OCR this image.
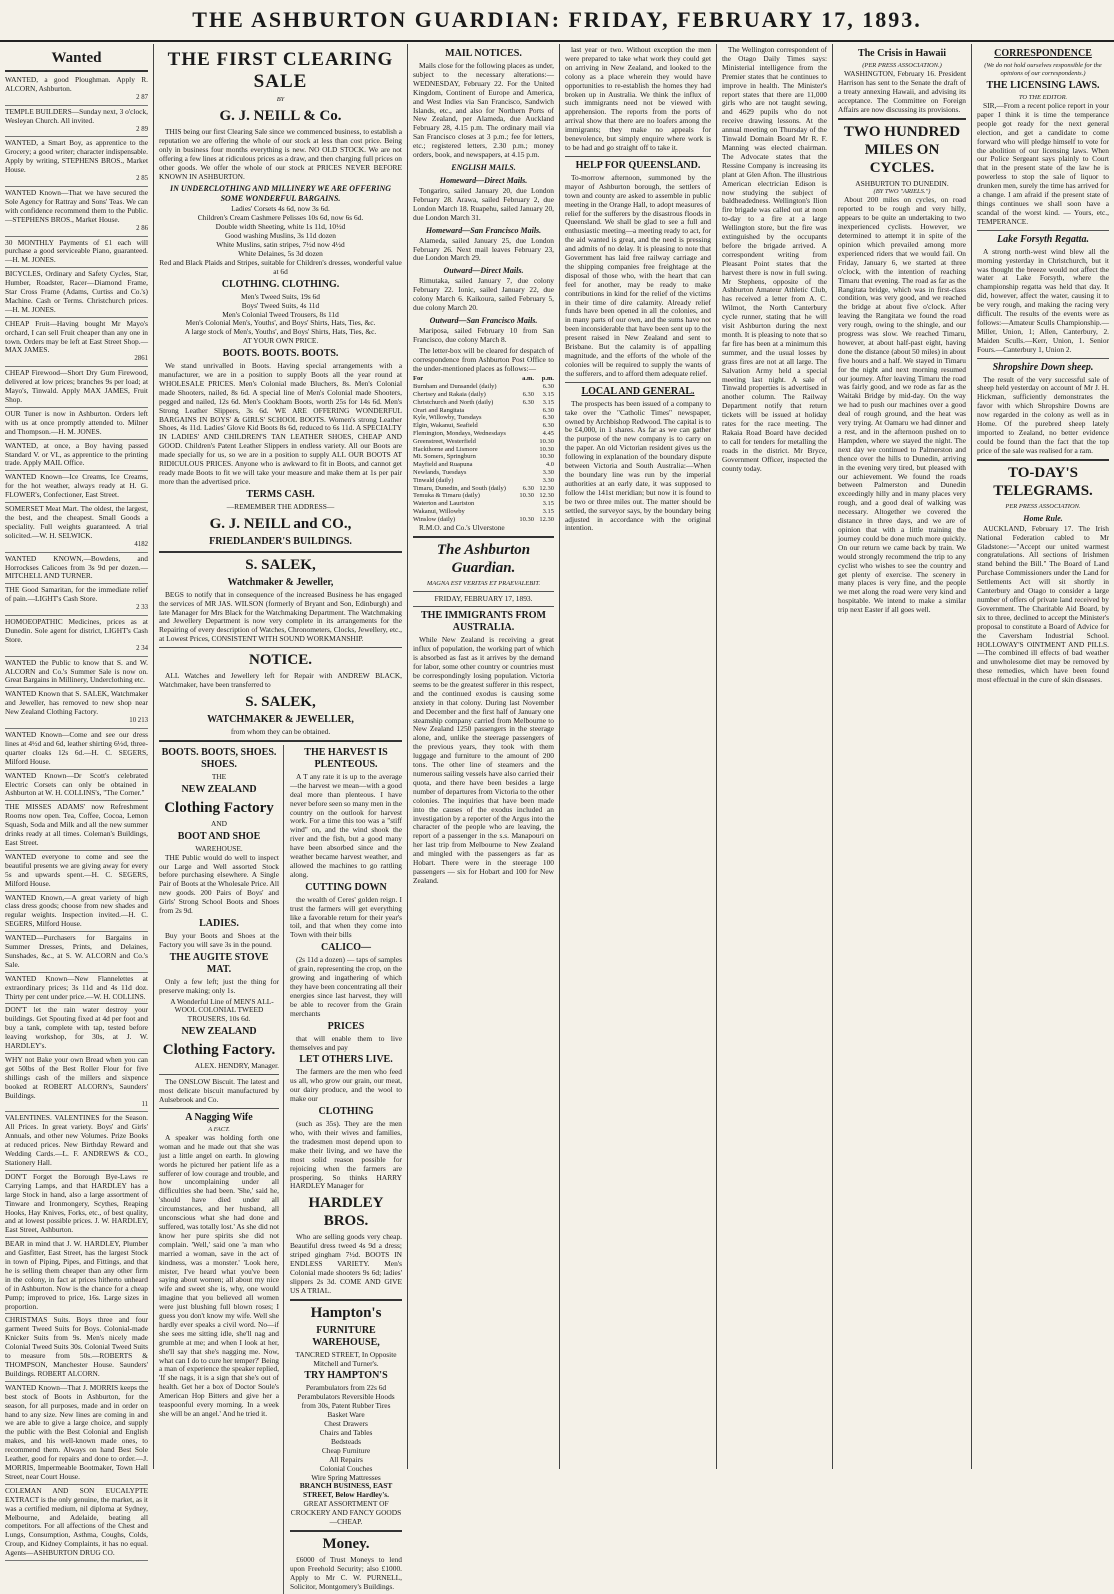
THE ASHBURTON GUARDIAN: FRIDAY, FEBRUARY 17, 1893.
Wanted

WANTED, a good Ploughman. Apply R. ALCORN, Ashburton.

2 87

TEMPLE BUILDERS—Sunday next, 3 o'clock, Wesleyan Church. All invited.

2 89

WANTED, a Smart Boy, as apprentice to the Grocery; a good writer; character indispensable. Apply by writing, STEPHENS BROS., Market House.

2 85

WANTED Known—That we have secured the Sole Agency for Rattray and Sons' Teas. We can with confidence recommend them to the Public.—STEPHENS BROS., Market House.

2 86

30 MONTHLY Payments of £1 each will purchase a good serviceable Piano, guaranteed.—H. M. JONES.

BICYCLES, Ordinary and Safety Cycles, Star, Humber, Roadster, Racer—Diamond Frame, Star Cross Frame (Adams, Curtiss and Co.'s) Machine. Cash or Terms. Christchurch prices.—H. M. JONES.

CHEAP Fruit—Having bought Mr Mayo's orchard, I can sell Fruit cheaper than any one in town. Orders may be left at East Street Shop.—MAX JAMES.

2861

CHEAP Firewood—Short Dry Gum Firewood, delivered at low prices; branches 9s per load; at Mayo's, Tinwald. Apply MAX JAMES, Fruit Shop.

OUR Tuner is now in Ashburton. Orders left with us at once promptly attended to. Milner and Thompson.—H. M. JONES.

WANTED, at once, a Boy having passed Standard V. or VI., as apprentice to the printing trade. Apply MAIL Office.

WANTED Known—Ice Creams, Ice Creams, for the hot weather, always ready at H. G. FLOWER's, Confectioner, East Street.

SOMERSET Meat Mart. The oldest, the largest, the best, and the cheapest. Small Goods a speciality. Full weights guaranteed. A trial solicited.—W. H. SELWICK.

4182

WANTED KNOWN,—Bowdens, and Horrockses Calicoes from 3s 9d per dozen.—MITCHELL AND TURNER.

THE Good Samaritan, for the immediate relief of pain.—LIGHT's Cash Store.

2 33

HOMOEOPATHIC Medicines, prices as at Dunedin. Sole agent for district, LIGHT's Cash Store.

2 34

WANTED the Public to know that S. and W. ALCORN and Co.'s Summer Sale is now on. Great Bargains in Millinery, Underclothing etc.

WANTED Known that S. SALEK, Watchmaker and Jeweller, has removed to new shop near New Zealand Clothing Factory.

10 213

WANTED Known—Come and see our dress lines at 4½d and 6d, leather shirting 6½d, three-quarter cloaks 12s 6d.—H. C. SEGERS, Milford House.

WANTED Known—Dr Scott's celebrated Electric Corsets can only be obtained in Ashburton at W. H. COLLINS's, "The Corner."

THE MISSES ADAMS' now Refreshment Rooms now open. Tea, Coffee, Cocoa, Lemon Squash, Soda and Milk and all the new summer drinks ready at all times. Coleman's Buildings, East Street.

WANTED everyone to come and see the beautiful presents we are giving away for every 5s and upwards spent.—H. C. SEGERS, Milford House.

WANTED Known,—A great variety of high class dress goods; choose from new shades and regular weights. Inspection invited.—H. C. SEGERS, Milford House.

WANTED—Purchasers for Bargains in Summer Dresses, Prints, and Delaines, Sunshades, &c., at S. W. ALCORN and Co.'s Sale.

WANTED Known—New Flannelettes at extraordinary prices; 3s 11d and 4s 11d doz. Thirty per cent under price.—W. H. COLLINS.

DON'T let the rain water destroy your buildings. Get Spouting fixed at 4d per foot and buy a tank, complete with tap, tested before leaving workshop, for 30s, at J. W. HARDLEY's.

WHY not Bake your own Bread when you can get 50lbs of the Best Roller Flour for five shillings cash of the millers and sixpence booked at ROBERT ALCORN's, Saunders' Buildings.

11

VALENTINES. VALENTINES for the Season. All Prices. In great variety. Boys' and Girls' Annuals, and other new Volumes. Prize Books at reduced prices. New Birthday Reward and Wedding Cards.—L. F. ANDREWS & CO., Stationery Hall.

DON'T Forget the Borough Bye-Laws re Carrying Lamps, and that HARDLEY has a large Stock in hand, also a large assortment of Tinware and Ironmongery, Scythes, Reaping Hooks, Hay Knives, Forks, etc., of best quality, and at lowest possible prices. J. W. HARDLEY, East Street, Ashburton.

BEAR in mind that J. W. HARDLEY, Plumber and Gasfitter, East Street, has the largest Stock in town of Piping, Pipes, and Fittings, and that he is selling them cheaper than any other firm in the colony, in fact at prices hitherto unheard of in Ashburton. Now is the chance for a cheap Pump; improved to price, 16s. Large sizes in proportion.

CHRISTMAS Suits. Boys three and four garment Tweed Suits for Boys. Colonial-made Knicker Suits from 9s. Men's nicely made Colonial Tweed Suits 30s. Colonial Tweed Suits to measure from 50s.—ROBERTS & THOMPSON, Manchester House. Saunders' Buildings. ROBERT ALCORN.

WANTED Known—That J. MORRIS keeps the best stock of Boots in Ashburton, for the season, for all purposes, made and in order on hand to any size. New lines are coming in and we are able to give a large choice, and supply the public with the Best Colonial and English makes, and his well-known made ones, to recommend them. Always on hand Best Sole Leather, good for repairs and done to order.—J. MORRIS, Impermeable Bootmaker, Town Hall Street, near Court House.

COLEMAN AND SON EUCALYPTE EXTRACT is the only genuine, the market, as it was a certified medium, nil diploma at Sydney, Melbourne, and Adelaide, beating all competitors. For all affections of the Chest and Lungs, Consumption, Asthma, Coughs, Colds, Croup, and Kidney Complaints, it has no equal. Agents—ASHBURTON DRUG CO.

THE FIRST CLEARING SALE
BY
G. J. NEILL & Co.

THIS being our first Clearing Sale since we commenced business, to establish a reputation we are offering the whole of our stock at less than cost price. Being only in business four months everything is new. NO OLD STOCK. We are not offering a few lines at ridiculous prices as a draw, and then charging full prices on other goods. We offer the whole of our stock at PRICES NEVER BEFORE KNOWN IN ASHBURTON.

IN UNDERCLOTHING AND MILLINERY WE ARE OFFERING SOME WONDERFUL BARGAINS.
Ladies' Corsets 4s 6d, now 3s 6d.
Children's Cream Cashmere Pelisses 10s 6d, now 6s 6d.
Double width Sheeting, white 1s 11d, 10½d
Good washing Muslins, 3s 11d dozen
White Muslins, satin stripes, 7½d now 4½d
White Delaines, 5s 3d dozen
Red and Black Plaids and Stripes, suitable for Children's dresses, wonderful value at 6d
CLOTHING. CLOTHING.
Men's Tweed Suits, 19s 6d
Boys' Tweed Suits, 4s 11d
Men's Colonial Tweed Trousers, 8s 11d
Men's Colonial Men's, Youths', and Boys' Shirts, Hats, Ties, &c.
A large stock of Men's, Youths', and Boys' Shirts, Hats, Ties, &c.
AT YOUR OWN PRICE.
BOOTS. BOOTS. BOOTS.

We stand unrivalled in Boots. Having special arrangements with a manufacturer, we are in a position to supply Boots all the year round at WHOLESALE PRICES. Men's Colonial made Bluchers, 8s. Men's Colonial made Shooters, nailed, 8s 6d. A special line of Men's Colonial made Shooters, pegged and nailed, 12s 6d. Men's Cookham Boots, worth 25s for 14s 6d. Men's Strong Leather Slippers, 3s 6d. WE ARE OFFERING WONDERFUL BARGAINS IN BOYS' & GIRLS' SCHOOL BOOTS. Women's strong Leather Shoes, 4s 11d. Ladies' Glove Kid Boots 8s 6d, reduced to 6s 11d. A SPECIALTY IN LADIES' AND CHILDREN'S TAN LEATHER SHOES, CHEAP AND GOOD. Children's Patent Leather Slippers in endless variety. All our Boots are made specially for us, so we are in a position to supply ALL OUR BOOTS AT RIDICULOUS PRICES. Anyone who is awkward to fit in Boots, and cannot get ready made Boots to fit we will take your measure and make them at 1s per pair more than the advertised price.

TERMS CASH.
—REMEMBER THE ADDRESS—
G. J. NEILL and CO.,
FRIEDLANDER'S BUILDINGS.
S. SALEK,
Watchmaker & Jeweller,

BEGS to notify that in consequence of the increased Business he has engaged the services of MR JAS. WILSON (formerly of Bryant and Son, Edinburgh) and late Manager for Mrs Black for the Watchmaking Department. The Watchmaking and Jewellery Department is now very complete in its arrangements for the Repairing of every description of Watches, Chronometers, Clocks, Jewellery, etc., at Lowest Prices, CONSISTENT WITH SOUND WORKMANSHIP.

NOTICE.

ALL Watches and Jewellery left for Repair with ANDREW BLACK, Watchmaker, have been transferred to

S. SALEK,
WATCHMAKER & JEWELLER,
from whom they can be obtained.
BOOTS. BOOTS, SHOES. SHOES.
THE
NEW ZEALAND
Clothing Factory
AND
BOOT AND SHOE
WAREHOUSE.

THE Public would do well to inspect our Large and Well assorted Stock before purchasing elsewhere. A Single Pair of Boots at the Wholesale Price. All new goods. 200 Pairs of Boys' and Girls' Strong School Boots and Shoes from 2s 9d.

LADIES.

Buy your Boots and Shoes at the Factory you will save 3s in the pound.

THE AUGITE STOVE MAT.

Only a few left; just the thing for preserve making; only 1s.

A Wonderful Line of MEN'S ALL-WOOL COLONIAL TWEED TROUSERS, 10s 6d.

NEW ZEALAND
Clothing Factory.
ALEX. HENDRY, Manager.

The ONSLOW Biscuit. The latest and most delicate biscuit manufactured by Aulsebrook and Co.

A Nagging Wife
A FACT.

A speaker was holding forth one woman and he made out that she was just a little angel on earth. In glowing words he pictured her patient life as a sufferer of low courage and trouble, and how uncomplaining under all difficulties she had been. 'She,' said he, 'should have died under all circumstances, and her husband, all unconscious what she had done and suffered, was totally lost.' As she did not know her pure spirits she did not complain. 'Well,' said one 'a man who married a woman, save in the act of kindness, was a monster.' 'Look here, mister, I've heard what you've been saying about women; all about my nice wife and sweet she is, why, one would imagine that you believed all women were just blushing full blown roses; I guess you don't know my wife. Well she hardly ever speaks a civil word. No—if she sees me sitting idle, she'll nag and grumble at me; and when I look at her, she'll say that she's nagging me. Now, what can I do to cure her temper?' Being a man of experience the speaker replied, 'If she nags, it is a sign that she's out of health. Get her a box of Doctor Soule's American Hop Bitters and give her a teaspoonful every morning. In a week she will be an angel.' And he tried it.

THE HARVEST IS PLENTEOUS.

A T any rate it is up to the average—the harvest we mean—with a good deal more than plenteous. I have never before seen so many men in the country on the outlook for harvest work. For a time this too was a "stiff wind" on, and the wind shook the river and the fish, but a good many have been absorbed since and the weather became harvest weather, and allowed the machines to go rattling along.

CUTTING DOWN

the wealth of Ceres' golden reign. I trust the farmers will get everything like a favorable return for their year's toil, and that when they come into Town with their bills

CALICO—

(2s 11d a dozen) — taps of samples of grain, representing the crop, on the growing and ingathering of which they have been concentrating all their energies since last harvest, they will be able to recover from the Grain merchants

PRICES

that will enable them to live themselves and pay

LET OTHERS LIVE.

The farmers are the men who feed us all, who grow our grain, our meat, our dairy produce, and the wool to make our

CLOTHING

(such as 35s). They are the men who, with their wives and families, the tradesmen most depend upon to make their living, and we have the most solid reason possible for rejoicing when the farmers are prospering. So thinks HARRY HARDLEY Manager for

HARDLEY BROS.

Who are selling goods very cheap. Beautiful dress tweed 4s 9d a dress; striped gingham 7½d. BOOTS IN ENDLESS VARIETY. Men's Colonial made shooters 9s 6d; ladies' slippers 2s 3d. COME AND GIVE US A TRIAL.

Hampton's
FURNITURE WAREHOUSE,
TANCRED STREET, In Opposite Mitchell and Turner's.
TRY HAMPTON'S
Perambulators from 22s 6d
Perambulators Reversible Hoods from 30s, Patent Rubber Tires
Basket Ware
Chest Drawers
Chairs and Tables
Bedsteads
Cheap Furniture
All Repairs
Colonial Couches
Wire Spring Mattresses
BRANCH BUSINESS, EAST STREET, Below Hardley's.
GREAT ASSORTMENT OF CROCKERY AND FANCY GOODS—CHEAP.
Money.

£6000 of Trust Moneys to lend upon Freehold Security; also £1000. Apply to Mr C. W. PURNELL, Solicitor, Montgomery's Buildings.

MAIL NOTICES.

Mails close for the following places as under, subject to the necessary alterations:—WEDNESDAY, February 22. For the United Kingdom, Continent of Europe and America, and West Indies via San Francisco, Sandwich Islands, etc., and also for Northern Ports of New Zealand, per Alameda, due Auckland February 28, 4.15 p.m. The ordinary mail via San Francisco closes at 3 p.m.; fee for letters, etc.; registered letters, 2.30 p.m.; money orders, book, and newspapers, at 4.15 p.m.

ENGLISH MAILS.
Homeward—Direct Mails.

Tongariro, sailed January 20, due London February 28. Arawa, sailed February 2, due London March 18. Ruapehu, sailed January 20, due London March 31.

Homeward—San Francisco Mails.

Alameda, sailed January 25, due London February 26. Next mail leaves February 23, due London March 29.

Outward—Direct Mails.

Rimutaka, sailed January 7, due colony February 22. Ionic, sailed January 22, due colony March 6. Kaikoura, sailed February 5, due colony March 20.

Outward—San Francisco Mails.

Mariposa, sailed February 10 from San Francisco, due colony March 8.

The letter-box will be cleared for despatch of correspondence from Ashburton Post Office to the under-mentioned places as follows:—

For	a.m.	p.m.
Burnham and Dunsandel (daily)		6.30
Chertsey and Rakaia (daily)	6.30	3.15
Christchurch and North (daily)	6.30	3.15
Orari and Rangitata		6.30
Kyle, Willowby, Tuesdays		6.30
Elgin, Wakanui, Seafield		6.30
Flemington, Mondays, Wednesdays		4.45
Greenstreet, Westerfield		10.30
Hackthorne and Lismore		10.30
Mt. Somers, Springburn		10.30
Mayfield and Ruapuna		4.0
Newlands, Tuesdays		3.30
Tinwald (daily)		3.30
Timaru, Dunedin, and South (daily)	6.30	12.30
Temuka & Timaru (daily)	10.30	12.30
Waterton and Lauriston		3.15
Wakanui, Willowby		3.15
Winslow (daily)	10.30	12.30

R.M.O. and Co.'s Ulverstone

The Ashburton Guardian.
MAGNA EST VERITAS ET PRAEVALEBIT.
FRIDAY, FEBRUARY 17, 1893.
THE IMMIGRANTS FROM AUSTRALIA.

While New Zealand is receiving a great influx of population, the working part of which is absorbed as fast as it arrives by the demand for labor, some other country or countries must be correspondingly losing population. Victoria seems to be the greatest sufferer in this respect, and the continued exodus is causing some anxiety in that colony. During last November and December and the first half of January one steamship company carried from Melbourne to New Zealand 1250 passengers in the steerage alone, and, unlike the steerage passengers of the previous years, they took with them luggage and furniture to the amount of 200 tons. The other line of steamers and the numerous sailing vessels have also carried their quota, and there have been besides a large number of departures from Victoria to the other colonies. The inquiries that have been made into the causes of the exodus included an investigation by a reporter of the Argus into the character of the people who are leaving, the report of a passenger in the s.s. Manapouri on her last trip from Melbourne to New Zealand and mingled with the passengers as far as Hobart. There were in the steerage 100 passengers — six for Hobart and 100 for New Zealand.

last year or two. Without exception the men were prepared to take what work they could get on arriving in New Zealand, and looked to the colony as a place wherein they would have opportunities to re-establish the homes they had broken up in Australia. We think the influx of such immigrants need not be viewed with apprehension. The reports from the ports of arrival show that there are no loafers among the immigrants; they make no appeals for benevolence, but simply enquire where work is to be had and go straight off to take it.

HELP FOR QUEENSLAND.

To-morrow afternoon, summoned by the mayor of Ashburton borough, the settlers of town and county are asked to assemble in public meeting in the Orange Hall, to adopt measures of relief for the sufferers by the disastrous floods in Queensland. We shall be glad to see a full and enthusiastic meeting—a meeting ready to act, for the aid wanted is great, and the need is pressing and admits of no delay. It is pleasing to note that Government has laid free railway carriage and the shipping companies free freightage at the disposal of those who, with the heart that can feel for another, may be ready to make contributions in kind for the relief of the victims in their time of dire calamity. Already relief funds have been opened in all the colonies, and in many parts of our own, and the sums have not been inconsiderable that have been sent up to the present raised in New Zealand and sent to Brisbane. But the calamity is of appalling magnitude, and the efforts of the whole of the colonies will be required to supply the wants of the sufferers, and to afford them adequate relief.

LOCAL AND GENERAL.

The prospects has been issued of a company to take over the "Catholic Times" newspaper, owned by Archbishop Redwood. The capital is to be £4,000, in 1 shares. As far as we can gather the purpose of the new company is to carry on the paper. An old Victorian resident gives us the following in explanation of the boundary dispute between Victoria and South Australia:—When the boundary line was run by the imperial authorities at an early date, it was supposed to follow the 141st meridian; but now it is found to be two or three miles out. The matter should be settled, the surveyor says, by the boundary being adjusted in accordance with the original intention.

The Wellington correspondent of the Otago Daily Times says: Ministerial intelligence from the Premier states that he continues to improve in health. The Minister's report states that there are 11,000 girls who are not taught sewing, and 4629 pupils who do not receive drawing lessons. At the annual meeting on Thursday of the Tinwald Domain Board Mr R. F. Manning was elected chairman. The Advocate states that the Ressine Company is increasing its plant at Glen Afton. The illustrious American electrician Edison is now studying the subject of baldheadedness. Wellington's Ilion fire brigade was called out at noon to-day to a fire at a large Wellington store, but the fire was extinguished by the occupants before the brigade arrived. A correspondent writing from Pleasant Point states that the harvest there is now in full swing. Mr Stephens, opposite of the Ashburton Amateur Athletic Club, has received a letter from A. C. Wilmot, the North Canterbury cycle runner, stating that he will visit Ashburton during the next month. It is pleasing to note that so far fire has been at a minimum this summer, and the usual losses by grass fires are not at all large. The Salvation Army held a special meeting last night. A sale of Tinwald properties is advertised in another column. The Railway Department notify that return tickets will be issued at holiday rates for the race meeting. The Rakaia Road Board have decided to call for tenders for metalling the roads in the district. Mr Bryce, Government Officer, inspected the county today.

The Crisis in Hawaii
(PER PRESS ASSOCIATION.)

WASHINGTON, February 16. President Harrison has sent to the Senate the draft of a treaty annexing Hawaii, and advising its acceptance. The Committee on Foreign Affairs are now discussing its provisions.

TWO HUNDRED MILES ON CYCLES.
ASHBURTON TO DUNEDIN.
(BY TWO "ARIELS.")

About 200 miles on cycles, on road reported to be rough and very hilly, appears to be quite an undertaking to two inexperienced cyclists. However, we determined to attempt it in spite of the opinion which prevailed among more experienced riders that we would fail. On Friday, January 6, we started at three o'clock, with the intention of reaching Timaru that evening. The road as far as the Rangitata bridge, which was in first-class condition, was very good, and we reached the bridge at about five o'clock. After leaving the Rangitata we found the road very rough, owing to the shingle, and our progress was slow. We reached Timaru, however, at about half-past eight, having done the distance (about 50 miles) in about five hours and a half. We stayed in Timaru for the night and next morning resumed our journey. After leaving Timaru the road was fairly good, and we rode as far as the Waitaki Bridge by mid-day. On the way we had to push our machines over a good deal of rough ground, and the heat was very trying. At Oamaru we had dinner and a rest, and in the afternoon pushed on to Hampden, where we stayed the night. The next day we continued to Palmerston and thence over the hills to Dunedin, arriving in the evening very tired, but pleased with our achievement. We found the roads between Palmerston and Dunedin exceedingly hilly and in many places very rough, and a good deal of walking was necessary. Altogether we covered the distance in three days, and we are of opinion that with a little training the journey could be done much more quickly. On our return we came back by train. We would strongly recommend the trip to any cyclist who wishes to see the country and get plenty of exercise. The scenery in many places is very fine, and the people we met along the road were very kind and hospitable. We intend to make a similar trip next Easter if all goes well.

CORRESPONDENCE
(We do not hold ourselves responsible for the opinions of our correspondents.)
THE LICENSING LAWS.
TO THE EDITOR.

SIR,—From a recent police report in your paper I think it is time the temperance people got ready for the next general election, and get a candidate to come forward who will pledge himself to vote for the abolition of our licensing laws. When our Police Sergeant says plainly to Court that in the present state of the law he is powerless to stop the sale of liquor to drunken men, surely the time has arrived for a change. I am afraid if the present state of things continues we shall soon have a scandal of the worst kind. — Yours, etc., TEMPERANCE.

Lake Forsyth Regatta.

A strong north-west wind blew all the morning yesterday in Christchurch, but it was thought the breeze would not affect the water at Lake Forsyth, where the championship regatta was held that day. It did, however, affect the water, causing it to be very rough, and making the racing very difficult. The results of the events were as follows:—Amateur Sculls Championship.—Miller, Union, 1; Allen, Canterbury, 2. Maiden Sculls.—Kerr, Union, 1. Senior Fours.—Canterbury 1, Union 2.

Shropshire Down sheep.

The result of the very successful sale of sheep held yesterday on account of Mr J. H. Hickman, sufficiently demonstrates the favor with which Shropshire Downs are now regarded in the colony as well as in Home. Of the purebred sheep lately imported to Zealand, no better evidence could be found than the fact that the top price of the sale was realised for a ram.

TO-DAY'S TELEGRAMS.
PER PRESS ASSOCIATION.
Home Rule.

AUCKLAND, February 17. The Irish National Federation cabled to Mr Gladstone:—"Accept our united warmest congratulations. All sections of Irishmen stand behind the Bill." The Board of Land Purchase Commissioners under the Land for Settlements Act will sit shortly in Canterbury and Otago to consider a large number of offers of private land received by Government. The Charitable Aid Board, by six to three, declined to accept the Minister's proposal to constitute a Board of Advice for the Caversham Industrial School. HOLLOWAY'S OINTMENT AND PILLS.—The combined ill effects of bad weather and unwholesome diet may be removed by these remedies, which have been found most effectual in the cure of skin diseases.
